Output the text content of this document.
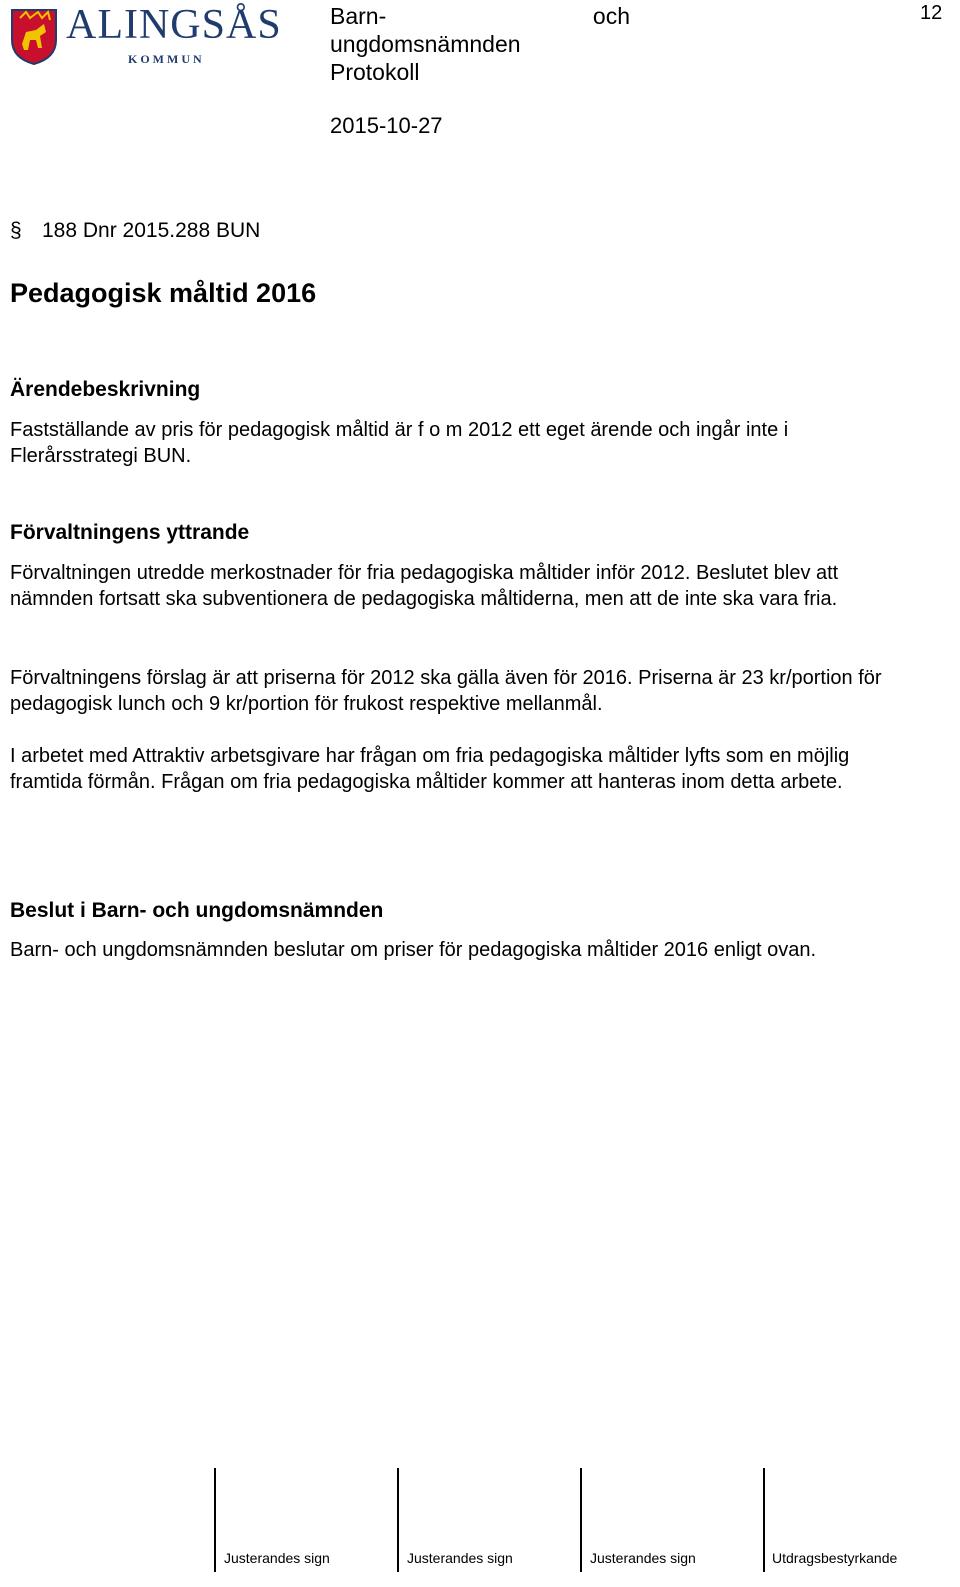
ALINGSÅS
KOMMUN
Barn-	och
ungdomsnämnden
Protokoll
12
2015-10-27
§ 188 Dnr 2015.288 BUN
Pedagogisk måltid 2016
Ärendebeskrivning
Fastställande av pris för pedagogisk måltid är f o m 2012 ett eget ärende och ingår inte i Flerårsstrategi BUN.
Förvaltningens yttrande
Förvaltningen utredde merkostnader för fria pedagogiska måltider inför 2012. Beslutet blev att nämnden fortsatt ska subventionera de pedagogiska måltiderna, men att de inte ska vara fria.
Förvaltningens förslag är att priserna för 2012 ska gälla även för 2016. Priserna är 23 kr/portion för pedagogisk lunch och 9 kr/portion för frukost respektive mellanmål.
I arbetet med Attraktiv arbetsgivare har frågan om fria pedagogiska måltider lyfts som en möjlig framtida förmån. Frågan om fria pedagogiska måltider kommer att hanteras inom detta arbete.
Beslut i Barn- och ungdomsnämnden
Barn- och ungdomsnämnden beslutar om priser för pedagogiska måltider 2016 enligt ovan.
Justerandes sign	Justerandes sign	Justerandes sign	Utdragsbestyrkande
